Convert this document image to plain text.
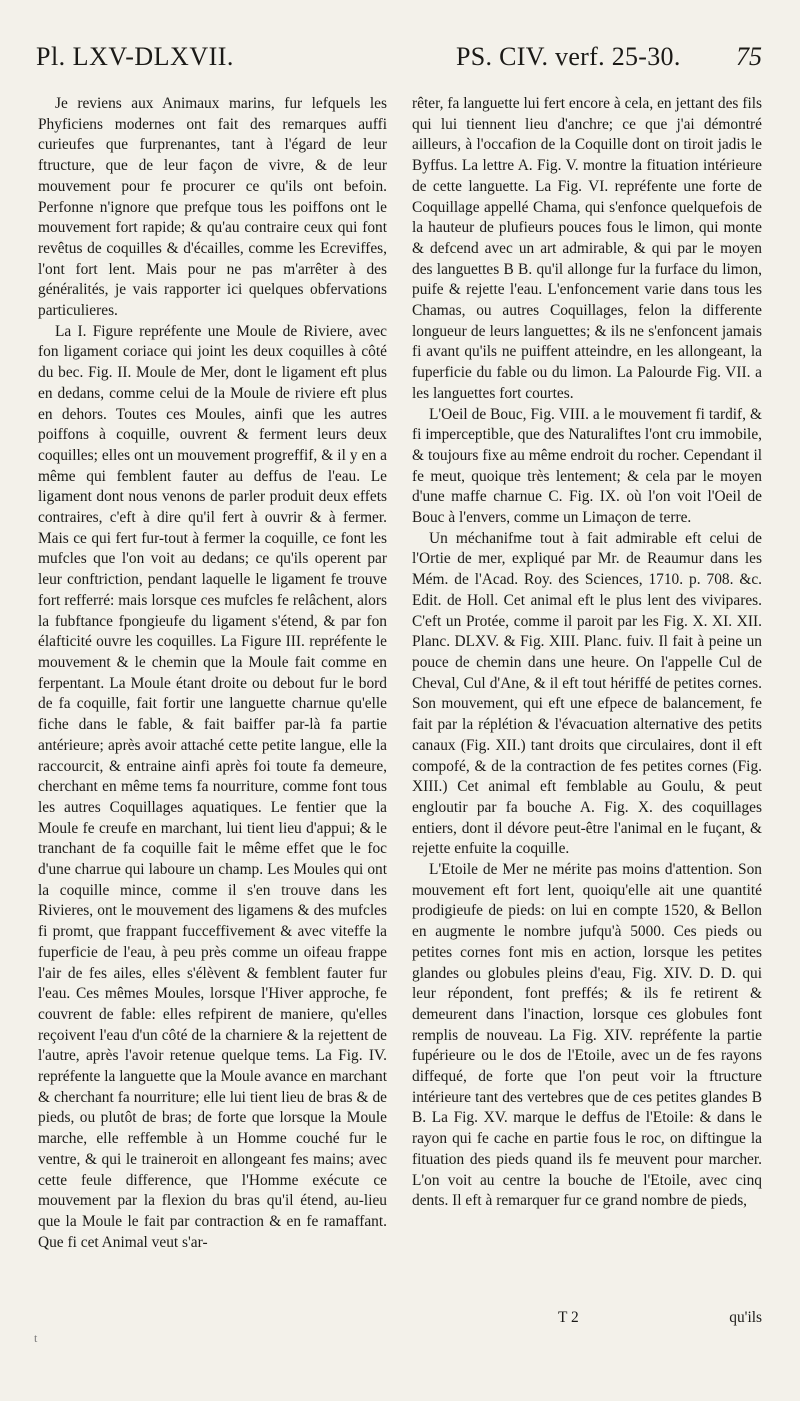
Pl. LXV-DLXVII.	PS. CIV. verf. 25-30. 75

Je reviens aux Animaux marins, fur lefquels les Phyficiens modernes ont fait des remarques auffi curieufes que furprenantes, tant à l'égard de leur ftructure, que de leur façon de vivre, & de leur mouvement pour fe procurer ce qu'ils ont befoin. Perfonne n'ignore que prefque tous les poiffons ont le mouvement fort rapide; & qu'au contraire ceux qui font revêtus de coquilles & d'écailles, comme les Ecreviffes, l'ont fort lent. Mais pour ne pas m'arrêter à des généralités, je vais rapporter ici quelques obfervations particulieres.

La I. Figure repréfente une Moule de Riviere, avec fon ligament coriace qui joint les deux coquilles à côté du bec. Fig. II. Moule de Mer, dont le ligament eft plus en dedans, comme celui de la Moule de riviere eft plus en dehors. Toutes ces Moules, ainfi que les autres poiffons à coquille, ouvrent & ferment leurs deux coquilles; elles ont un mouvement progreffif, & il y en a même qui femblent fauter au deffus de l'eau. Le ligament dont nous venons de parler produit deux effets contraires, c'eft à dire qu'il fert à ouvrir & à fermer. Mais ce qui fert fur-tout à fermer la coquille, ce font les mufcles que l'on voit au dedans; ce qu'ils operent par leur conftriction, pendant laquelle le ligament fe trouve fort refferré: mais lorsque ces mufcles fe relâchent, alors la fubftance fpongieufe du ligament s'étend, & par fon élafticité ouvre les coquilles. La Figure III. repréfente le mouvement & le chemin que la Moule fait comme en ferpentant. La Moule étant droite ou debout fur le bord de fa coquille, fait fortir une languette charnue qu'elle fiche dans le fable, & fait baiffer par-là fa partie antérieure; après avoir attaché cette petite langue, elle la raccourcit, & entraine ainfi après foi toute fa demeure, cherchant en même tems fa nourriture, comme font tous les autres Coquillages aquatiques. Le fentier que la Moule fe creufe en marchant, lui tient lieu d'appui; & le tranchant de fa coquille fait le même effet que le foc d'une charrue qui laboure un champ. Les Moules qui ont la coquille mince, comme il s'en trouve dans les Rivieres, ont le mouvement des ligamens & des mufcles fi promt, que frappant fucceffivement & avec viteffe la fuperficie de l'eau, à peu près comme un oifeau frappe l'air de fes ailes, elles s'élèvent & femblent fauter fur l'eau. Ces mêmes Moules, lorsque l'Hiver approche, fe couvrent de fable: elles refpirent de maniere, qu'elles reçoivent l'eau d'un côté de la charniere & la rejettent de l'autre, après l'avoir retenue quelque tems. La Fig. IV. repréfente la languette que la Moule avance en marchant & cherchant fa nourriture; elle lui tient lieu de bras & de pieds, ou plutôt de bras; de forte que lorsque la Moule marche, elle reffemble à un Homme couché fur le ventre, & qui le traineroit en allongeant fes mains; avec cette feule difference, que l'Homme exécute ce mouvement par la flexion du bras qu'il étend, au-lieu que la Moule le fait par contraction & en fe ramaffant. Que fi cet Animal veut s'ar-

rêter, fa languette lui fert encore à cela, en jettant des fils qui lui tiennent lieu d'anchre; ce que j'ai démontré ailleurs, à l'occafion de la Coquille dont on tiroit jadis le Byffus. La lettre A. Fig. V. montre la fituation intérieure de cette languette. La Fig. VI. repréfente une forte de Coquillage appellé Chama, qui s'enfonce quelquefois de la hauteur de plufieurs pouces fous le limon, qui monte & defcend avec un art admirable, & qui par le moyen des languettes B B. qu'il allonge fur la furface du limon, puife & rejette l'eau. L'enfoncement varie dans tous les Chamas, ou autres Coquillages, felon la differente longueur de leurs languettes; & ils ne s'enfoncent jamais fi avant qu'ils ne puiffent atteindre, en les allongeant, la fuperficie du fable ou du limon. La Palourde Fig. VII. a les languettes fort courtes.

L'Oeil de Bouc, Fig. VIII. a le mouvement fi tardif, & fi imperceptible, que des Naturaliftes l'ont cru immobile, & toujours fixe au même endroit du rocher. Cependant il fe meut, quoique très lentement; & cela par le moyen d'une maffe charnue C. Fig. IX. où l'on voit l'Oeil de Bouc à l'envers, comme un Limaçon de terre.

Un méchanifme tout à fait admirable eft celui de l'Ortie de mer, expliqué par Mr. de Reaumur dans les Mém. de l'Acad. Roy. des Sciences, 1710. p. 708. &c. Edit. de Holl. Cet animal eft le plus lent des vivipares. C'eft un Protée, comme il paroit par les Fig. X. XI. XII. Planc. DLXV. & Fig. XIII. Planc. fuiv. Il fait à peine un pouce de chemin dans une heure. On l'appelle Cul de Cheval, Cul d'Ane, & il eft tout hériffé de petites cornes. Son mouvement, qui eft une efpece de balancement, fe fait par la réplétion & l'évacuation alternative des petits canaux (Fig. XII.) tant droits que circulaires, dont il eft compofé, & de la contraction de fes petites cornes (Fig. XIII.) Cet animal eft femblable au Goulu, & peut engloutir par fa bouche A. Fig. X. des coquillages entiers, dont il dévore peut-être l'animal en le fuçant, & rejette enfuite la coquille.

L'Etoile de Mer ne mérite pas moins d'attention. Son mouvement eft fort lent, quoiqu'elle ait une quantité prodigieufe de pieds: on lui en compte 1520, & Bellon en augmente le nombre jufqu'à 5000. Ces pieds ou petites cornes font mis en action, lorsque les petites glandes ou globules pleins d'eau, Fig. XIV. D. D. qui leur répondent, font preffés; & ils fe retirent & demeurent dans l'inaction, lorsque ces globules font remplis de nouveau. La Fig. XIV. repréfente la partie fupérieure ou le dos de l'Etoile, avec un de fes rayons diffequé, de forte que l'on peut voir la ftructure intérieure tant des vertebres que de ces petites glandes B B. La Fig. XV. marque le deffus de l'Etoile: & dans le rayon qui fe cache en partie fous le roc, on diftingue la fituation des pieds quand ils fe meuvent pour marcher. L'on voit au centre la bouche de l'Etoile, avec cinq dents. Il eft à remarquer fur ce grand nombre de pieds,

T 2	qu'ils
t
